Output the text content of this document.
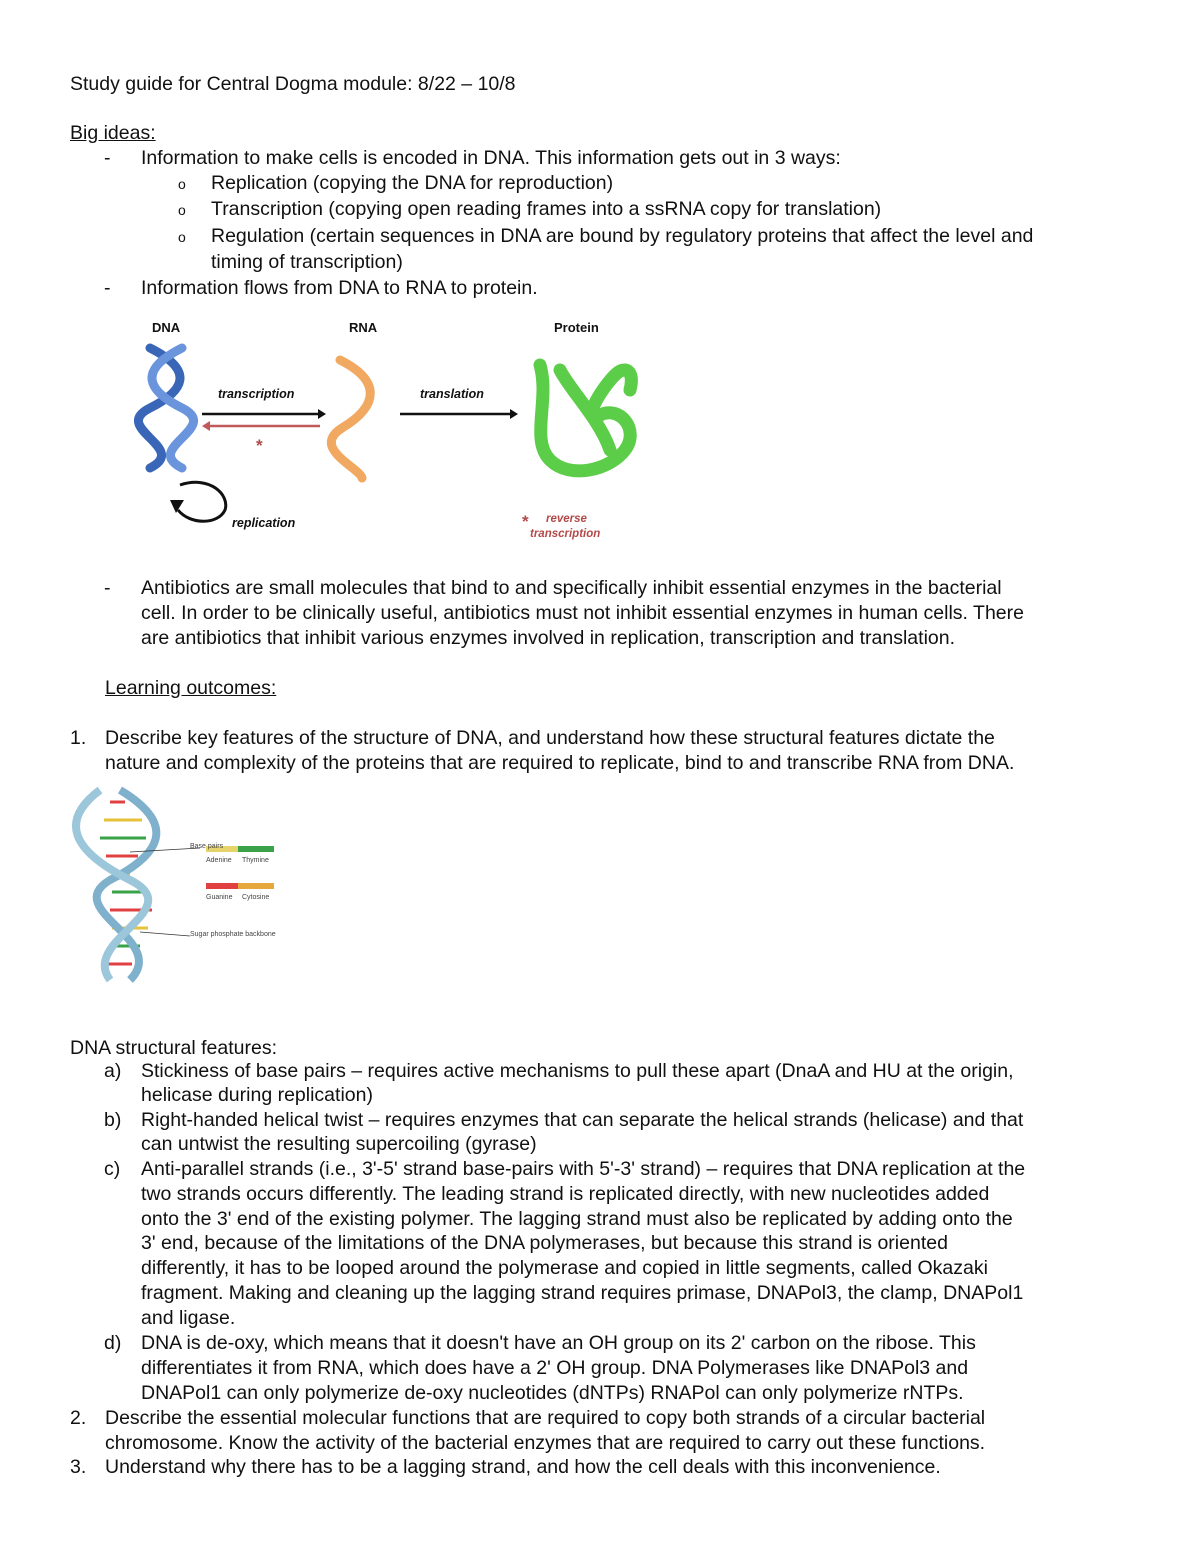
Study guide for Central Dogma module: 8/22 – 10/8
Big ideas:
- Information to make cells is encoded in DNA. This information gets out in 3 ways:
o Replication (copying the DNA for reproduction)
o Transcription (copying open reading frames into a ssRNA copy for translation)
o Regulation (certain sequences in DNA are bound by regulatory proteins that affect the level and
timing of transcription)
- Information flows from DNA to RNA to protein.
DNA	RNA	Protein
transcription	translation
*
replication	* reverse
transcription
- Antibiotics are small molecules that bind to and specifically inhibit essential enzymes in the bacterial
cell. In order to be clinically useful, antibiotics must not inhibit essential enzymes in human cells. There
are antibiotics that inhibit various enzymes involved in replication, transcription and translation.
Learning outcomes:
1. Describe key features of the structure of DNA, and understand how these structural features dictate the
nature and complexity of the proteins that are required to replicate, bind to and transcribe RNA from DNA.
Base pairs
Adenine Thymine
Guanine Cytosine
Sugar phosphate backbone
DNA structural features:
a) Stickiness of base pairs – requires active mechanisms to pull these apart (DnaA and HU at the origin,
helicase during replication)
b) Right-handed helical twist – requires enzymes that can separate the helical strands (helicase) and that
can untwist the resulting supercoiling (gyrase)
c) Anti-parallel strands (i.e., 3'-5' strand base-pairs with 5'-3' strand) – requires that DNA replication at the
two strands occurs differently. The leading strand is replicated directly, with new nucleotides added
onto the 3' end of the existing polymer. The lagging strand must also be replicated by adding onto the
3' end, because of the limitations of the DNA polymerases, but because this strand is oriented
differently, it has to be looped around the polymerase and copied in little segments, called Okazaki
fragment. Making and cleaning up the lagging strand requires primase, DNAPol3, the clamp, DNAPol1
and ligase.
d) DNA is de-oxy, which means that it doesn't have an OH group on its 2' carbon on the ribose. This
differentiates it from RNA, which does have a 2' OH group. DNA Polymerases like DNAPol3 and
DNAPol1 can only polymerize de-oxy nucleotides (dNTPs) RNAPol can only polymerize rNTPs.
2. Describe the essential molecular functions that are required to copy both strands of a circular bacterial
chromosome. Know the activity of the bacterial enzymes that are required to carry out these functions.
3. Understand why there has to be a lagging strand, and how the cell deals with this inconvenience.
